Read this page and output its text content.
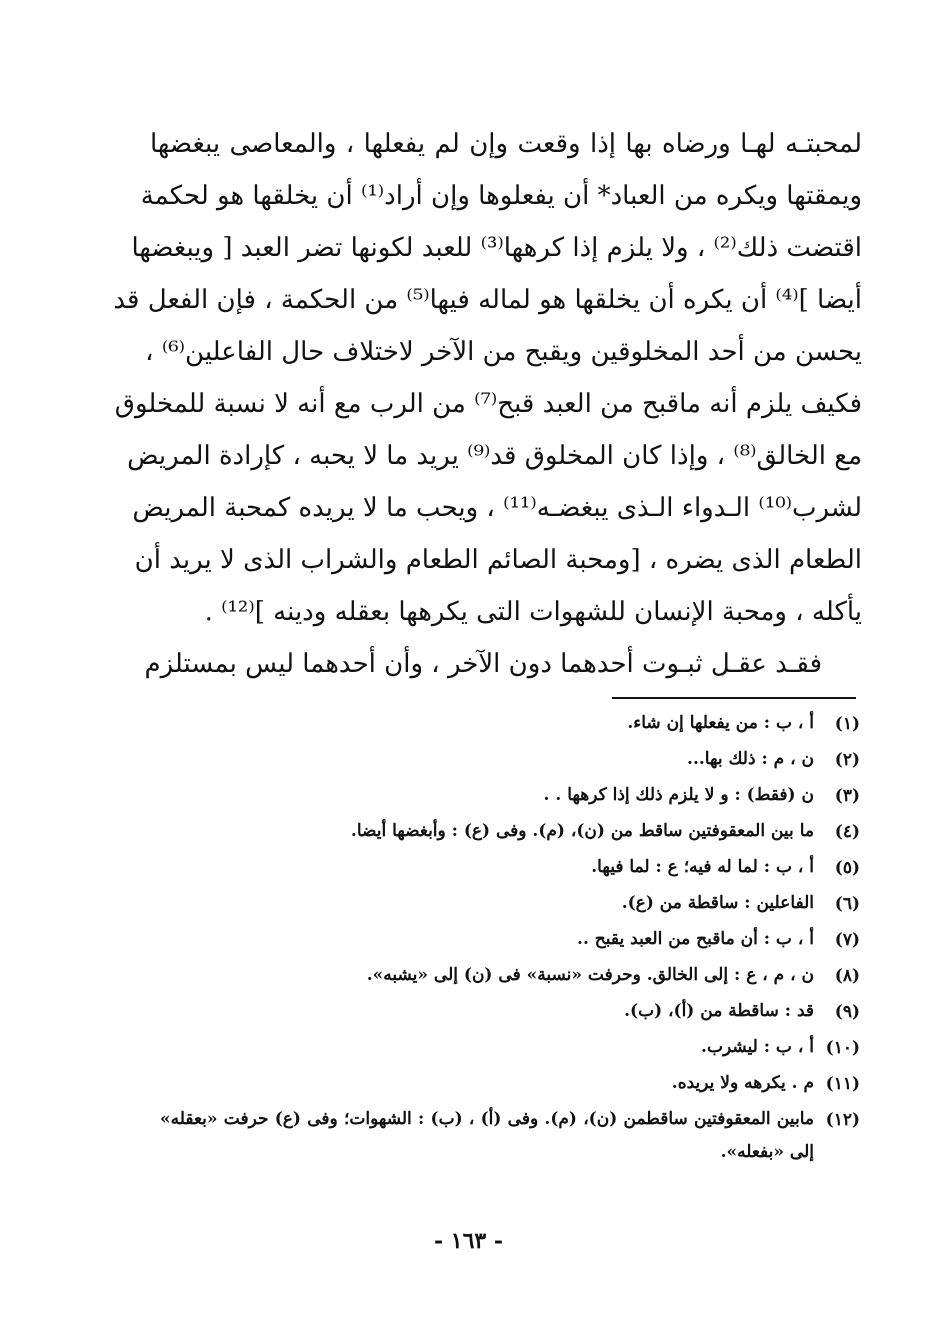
لمحبتـه لهـا ورضاه بها إذا وقعت وإن لم يفعلها ، والمعاصى يبغضها
ويمقتها ويكره من العباد* أن يفعلوها وإن أراد⁽¹⁾ أن يخلقها هو لحكمة
اقتضت ذلك⁽²⁾ ، ولا يلزم إذا كرهها⁽³⁾ للعبد لكونها تضر العبد [ ويبغضها
أيضا ]⁽⁴⁾ أن يكره أن يخلقها هو لماله فيها⁽⁵⁾ من الحكمة ، فإن الفعل قد
يحسن من أحد المخلوقين ويقبح من الآخر لاختلاف حال الفاعلين⁽⁶⁾ ،
فكيف يلزم أنه ماقبح من العبد قبح⁽⁷⁾ من الرب مع أنه لا نسبة للمخلوق
مع الخالق⁽⁸⁾ ، وإذا كان المخلوق قد⁽⁹⁾ يريد ما لا يحبه ، كإرادة المريض
لشرب⁽¹⁰⁾ الـدواء الـذى يبغضـه⁽¹¹⁾ ، ويحب ما لا يريده كمحبة المريض
الطعام الذى يضره ، [ومحبة الصائم الطعام والشراب الذى لا يريد أن
يأكله ، ومحبة الإنسان للشهوات التى يكرهها بعقله ودينه ]⁽¹²⁾ .
فقـد عقـل ثبـوت أحدهما دون الآخر ، وأن أحدهما ليس بمستلزم
(١)
أ ، ب : من يفعلها إن شاء.
(٢)
ن ، م : ذلك بها...
(٣)
ن (فقط) : و لا يلزم ذلك إذا كرهها . .
(٤)
ما بين المعقوفتين ساقط من (ن)، (م). وفى (ع) : وأبغضها أيضا.
(٥)
أ ، ب : لما له فيه؛ ع : لما فيها.
(٦)
الفاعلين : ساقطة من (ع).
(٧)
أ ، ب : أن ماقبح من العبد يقبح ..
(٨)
ن ، م ، ع : إلى الخالق. وحرفت «نسبة» فى (ن) إلى «يشبه».
(٩)
قد : ساقطة من (أ)، (ب).
(١٠)
أ ، ب : ليشرب.
(١١)
م . يكرهه ولا يريده.
(١٢)
مابين المعقوفتين ساقطمن (ن)، (م). وفى (أ) ، (ب) : الشهوات؛ وفى (ع) حرفت «بعقله» إلى «بفعله».
- ١٦٣ -
